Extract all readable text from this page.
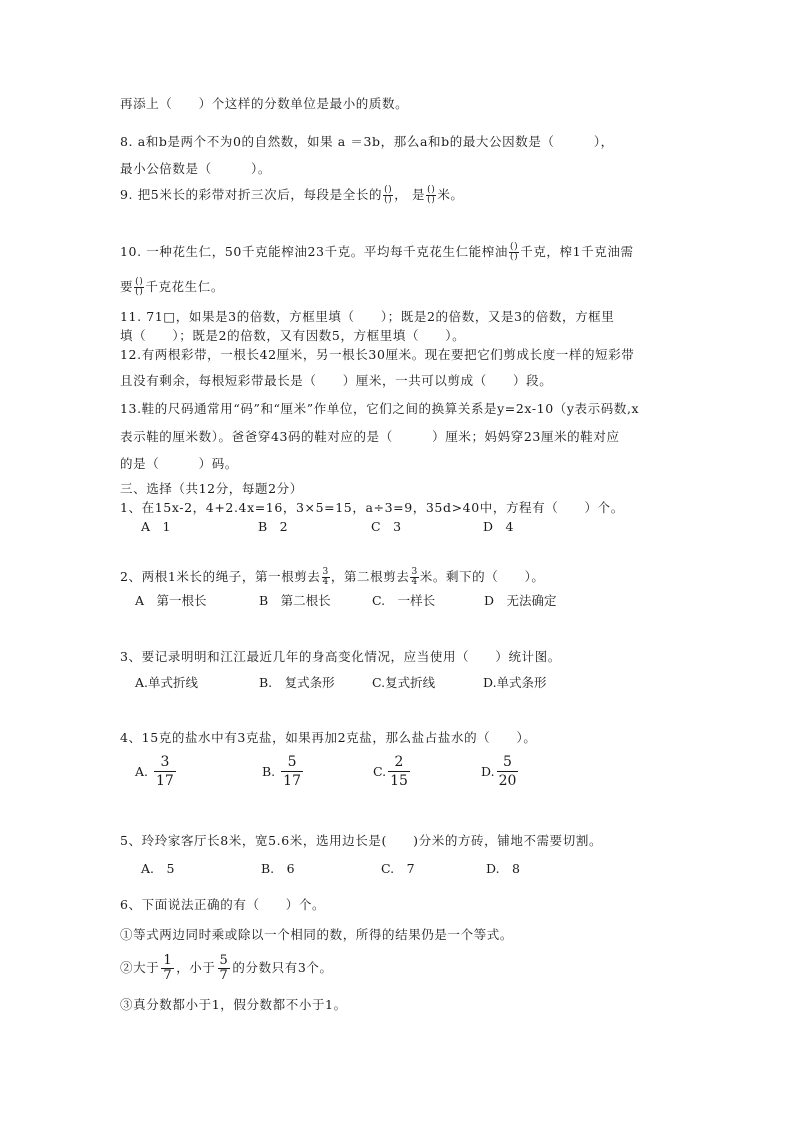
再添上（　　）个这样的分数单位是最小的质数。
8. a和b是两个不为0的自然数，如果 a ＝3b，那么a和b的最大公因数是（　　　），
最小公倍数是（　　　）。
9. 把5米长的彩带对折三次后，每段是全长的 $\frac{()}{()}$ ， 是 $\frac{()}{()}$ 米。
10. 一种花生仁，50千克能榨油23千克。平均每千克花生仁能榨油 $\frac{()}{()}$ 千克，榨1千克油需
要 $\frac{()}{()}$ 千克花生仁。
11. 71□，如果是3的倍数，方框里填（　　）；既是2的倍数，又是3的倍数，方框里
填（　　）；既是2的倍数，又有因数5，方框里填（　　）。
12.有两根彩带，一根长42厘米，另一根长30厘米。现在要把它们剪成长度一样的短彩带
且没有剩余，每根短彩带最长是（　　）厘米，一共可以剪成（　　）段。
13.鞋的尺码通常用“码”和“厘米”作单位，它们之间的换算关系是y=2x-10（y表示码数,x
表示鞋的厘米数）。爸爸穿43码的鞋对应的是（　　　）厘米；妈妈穿23厘米的鞋对应
的是（　　　）码。
三、选择（共12分，每题2分）
1、在15x-2，4+2.4x=16，3×5=15，a÷3=9，35d>40中，方程有（　　）个。
A　1	B　2	C　3	D　4
2、两根1米长的绳子，第一根剪去 $\frac{3}{4}$ ，第二根剪去 $\frac{3}{4}$ 米。剩下的（　　）。
A　第一根长	B　第二根长	C.　一样长	D　无法确定
3、要记录明明和江江最近几年的身高变化情况，应当使用（　　）统计图。
A.单式折线	B.　复式条形	C.复式折线	D.单式条形
4、15克的盐水中有3克盐，如果再加2克盐，那么盐占盐水的（　　）。
A. $\frac{3}{17}$	B. $\frac{5}{17}$	C. $\frac{2}{15}$	D. $\frac{5}{20}$
5、玲玲家客厅长8米，宽5.6米，选用边长是(　　)分米的方砖，铺地不需要切割。
A.　5	B.　6	C.　7	D.　8
6、下面说法正确的有（　　）个。
①等式两边同时乘或除以一个相同的数，所得的结果仍是一个等式。
②大于 $\frac{1}{7}$ ，小于 $\frac{5}{7}$ 的分数只有3个。
③真分数都小于1，假分数都不小于1。
